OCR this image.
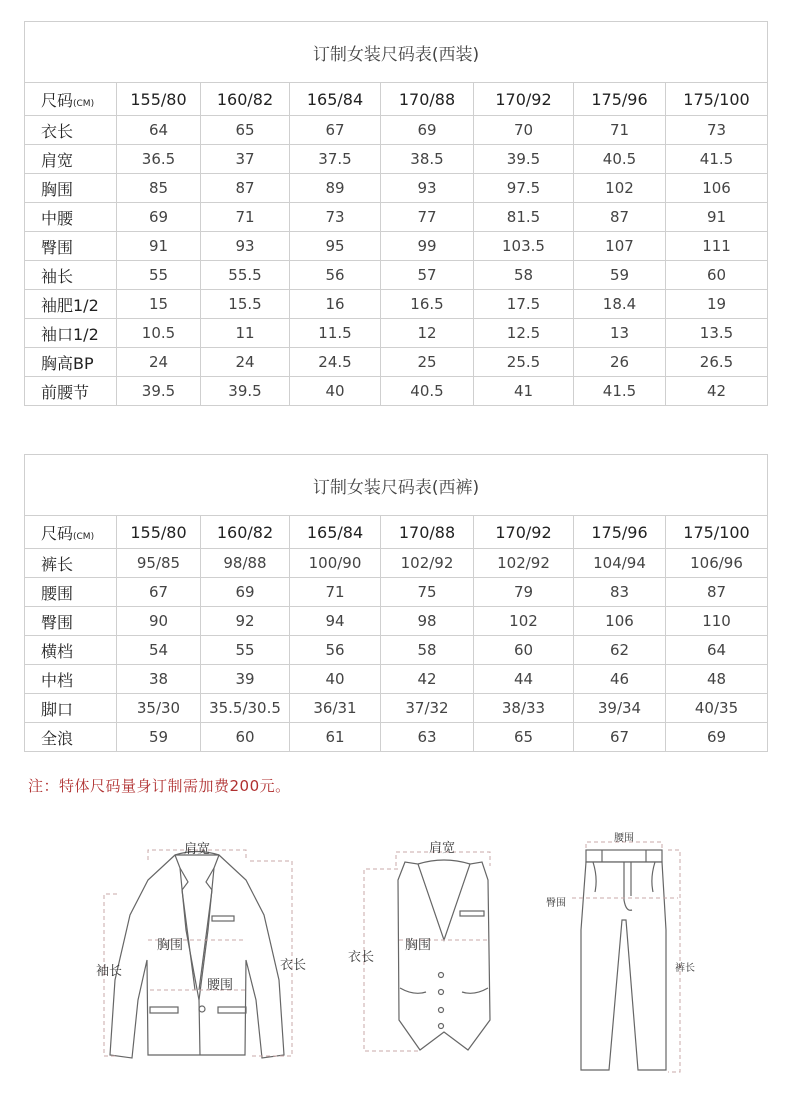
订制女装尺码表(西装)							
尺码(CM)	155/80	160/82	165/84	170/88	170/92	175/96	175/100
衣长	64	65	67	69	70	71	73
肩宽	36.5	37	37.5	38.5	39.5	40.5	41.5
胸围	85	87	89	93	97.5	102	106
中腰	69	71	73	77	81.5	87	91
臀围	91	93	95	99	103.5	107	111
袖长	55	55.5	56	57	58	59	60
袖肥1/2	15	15.5	16	16.5	17.5	18.4	19
袖口1/2	10.5	11	11.5	12	12.5	13	13.5
胸高BP	24	24	24.5	25	25.5	26	26.5
前腰节	39.5	39.5	40	40.5	41	41.5	42
订制女装尺码表(西裤)							
尺码(CM)	155/80	160/82	165/84	170/88	170/92	175/96	175/100
裤长	95/85	98/88	100/90	102/92	102/92	104/94	106/96
腰围	67	69	71	75	79	83	87
臀围	90	92	94	98	102	106	110
横档	54	55	56	58	60	62	64
中档	38	39	40	42	44	46	48
脚口	35/30	35.5/30.5	36/31	37/32	38/33	39/34	40/35
全浪	59	60	61	63	65	67	69
注：特体尺码量身订制需加费200元。
肩宽
胸围
腰围
袖长	衣长
肩宽
胸围
衣长
腰围
臀围
裤长
